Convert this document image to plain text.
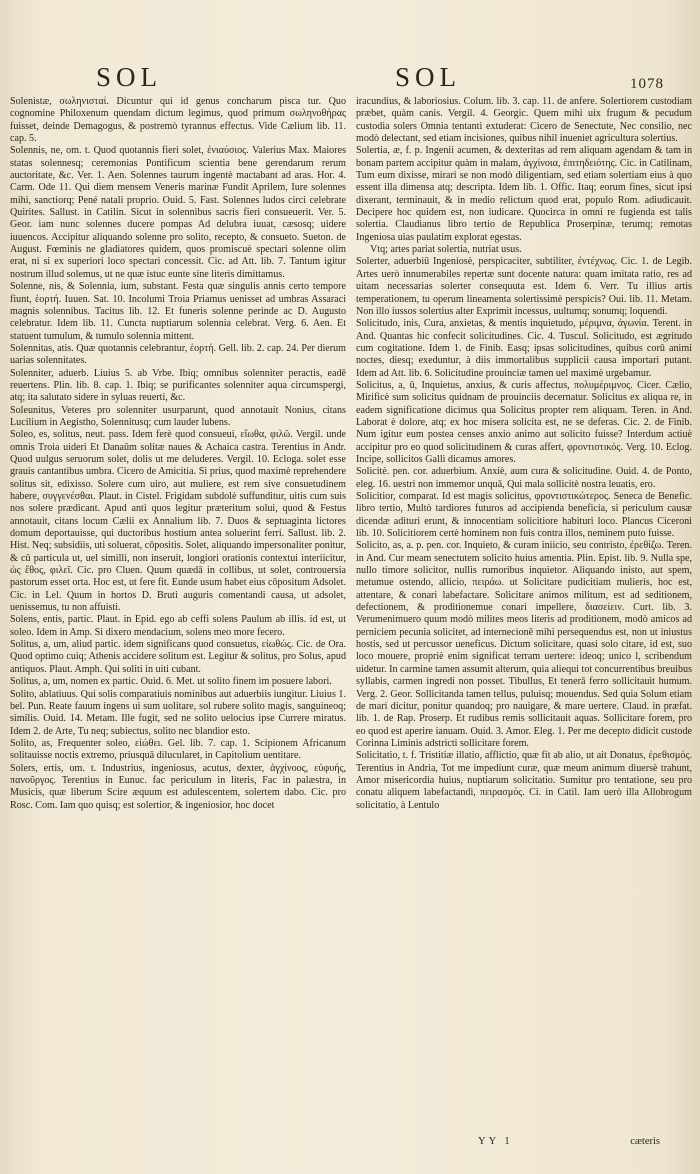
SOL	SOL	1078

Solenistæ, σωληνισταί. Dicuntur qui id genus concharum pisca tur. Quo cognomine Philoxenum quendam dictum legimus, quod primum σωληνοθήρας fuisset, deinde Demagogus, & postremò tyrannus effectus. Vide Cælium lib. 11. cap. 5.

Solennis, ne, om. t. Quod quotannis fieri solet, ἐνιαύσιος. Valerius Max. Maiores statas solennesq; ceremonias Pontificum scientia bene gerendarum rerum auctoritate, &c. Ver. 1. Aen. Solennes taurum ingentè mactabant ad aras. Hor. 4. Carm. Ode 11. Qui diem mensem Veneris marinæ Fundit Aprilem, Iure solennes mihi, sanctiorq; Pené natali proprio. Ouid. 5. Fast. Solennes ludos circi celebrate Quirites. Sallust. in Catilin. Sicut in solennibus sacris fieri consueuerit. Ver. 5. Geor. iam nunc solennes ducere pompas Ad delubra iuuat, cæsosq; uidere iuuencos. Accipitur aliquando solenne pro solito, recepto, & consueto. Sueton. de August. Fœminis ne gladiatores quidem, quos promiscuè spectari solenne olim erat, ni si ex superiori loco spectari concessit. Cic. ad Att. lib. 7. Tantum igitur nostrum illud solemus, ut ne quæ istuc eunte sine literis dimittamus.

Solenne, nis, & Solennia, ium, substant. Festa quæ singulis annis certo tempore fiunt, ἑορτή. Iuuen. Sat. 10. Incolumi Troia Priamus uenisset ad umbras Assaraci magnis solennibus. Tacitus lib. 12. Et funeris solenne perinde ac D. Augusto celebratur. Idem lib. 11. Cuncta nuptiarum solennia celebrat. Verg. 6. Aen. Et statuent tumulum, & tumulo solennia mittent.

Solennitas, atis. Quæ quotannis celebrantur, ἑορτή. Gell. lib. 2. cap. 24. Per dierum uarias solennitates.

Solenniter, aduerb. Liuius 5. ab Vrbe. Ibiq; omnibus solenniter peractis, eadē reuertens. Plin. lib. 8. cap. 1. Ibiq; se purificantes solenniter aqua circumspergi, atq; ita salutato sidere in syluas reuerti, &c.

Soleunitus, Veteres pro solenniter usurparunt, quod annotauit Nonius, citans Lucilium in Aegistho, Solennitusq; cum lauder lubens.

Soleo, es, solitus, neut. pass. Idem ferè quod consueui, εἴωθα, φιλῶ. Vergil. unde omnis Troia uideri Et Danaûm solitæ naues & Achaica castra. Terentius in Andr. Quod uulgus seruorum solet, dolis ut me deluderes. Vergil. 10. Ecloga. solet esse grauis cantantibus umbra. Cicero de Amicitia. Si prius, quod maximè reprehendere solitus sit, edixisso. Solere cum uiro, aut muliere, est rem sive consuetudinem habere, συγγενέσθαι. Plaut. in Cistel. Frigidam subdolè suffunditur, uitis cum suis nos solere prædicant. Apud anti quos legitur præteritum solui, quod & Festus annotauit, citans locum Cælii ex Annalium lib. 7. Duos & septuaginta lictores domum deportauisse, qui ductoribus hostium antea soluerint ferri. Sallust. lib. 2. Hist. Neq; subsidiis, uti soluerat, cōpositis. Solet, aliquando impersonaliter ponitur, & cū particula ut, uel similli, non inseruit, longiori orationis contextui interiicitur, ὡς ἔθος, φιλεῖ. Cic. pro Cluen. Quum quædā in collibus, ut solet, controuersia pastorum esset orta. Hoc est, ut fere fit. Eunde usum habet eius cōpositum Adsolet. Cic. in Lel. Quum in hortos D. Bruti auguris comentandi causa, ut adsolet, uenissemus, tu non affuisti.

Solens, entis, partic. Plaut. in Epid. ego ab ceffi solens Paulum ab illis. id est, ut soleo. Idem in Amp. Si dixero mendacium, solens meo more fecero.

Solitus, a, um, aliud partic. idem significans quod consuetus, εἰωθώς. Cic. de Ora. Quod optimo cuiq; Athenis accidere solitum est. Legitur & solitus, pro Solus, apud antiquos. Plaut. Amph. Qui soliti in uiti cubant.

Solitus, a, um, nomen ex partic. Ouid. 6. Met. ut solito finem im posuere labori.

Solito, ablatiuus. Qui solis comparatiuis nominibus aut aduerbiis iungitur. Liuius 1. bel. Pun. Reate fauum ingens ui sum uolitare, sol rubere solito magis, sanguineoq; similis. Ouid. 14. Metam. Ille fugit, sed ne solito uelocius ipse Currere miratus. Idem 2. de Arte, Tu neq; subiectus, solito nec blandior esto.

Solito, as, Frequenter soleo, εἰώθει. Gel. lib. 7. cap. 1. Scipionem Africanum solitauisse noctis extremo, priusquā dilucularet, in Capitolium uentitare.

Solers, ertis, om. t. Industrius, ingeniosus, acutus, dexter, ἀγχίνοος, εὐφυής, πανοῦργος. Terentius in Eunuc. fac periculum in literis, Fac in palæstra, in Musicis, quæ liberum Scire æquum est adulescentem, solertem dabo. Cic. pro Rosc. Com. Iam quo quisq; est solertior, & ingeniosior, hoc docet

iracundius, & laboriosius. Colum. lib. 3. cap. 11. de anfere. Solertiorem custodiam præbet, quàm canis. Vergil. 4. Georgic. Quem mihi uix frugum & pecudum custodia solers Omnia tentanti extuderat: Cicero de Senectute, Nec consilio, nec modò delectant, sed etiam incisiones, quibus nihil inueniet agricultura solertius.

Solertia, æ, f. p. Ingenii acumen, & dexteritas ad rem aliquam agendam & tam in bonam partem accipitur quàm in malam, ἀγχίνοια, ἐπιτηδειότης. Cic. in Catilinam, Tum eum dixisse, mirari se non modò diligentiam, sed etiam solertiam eius à quo essent illa dimensa atq; descripta. Idem lib. 1. Offic. Itaq; eorum fines, sicut ipsi dixerant, terminauit, & in medio relictum quod erat, populo Rom. adiudicauit. Decipere hoc quidem est, non iudicare. Quocirca in omni re fugienda est talis solertia. Claudianus libro tertio de Republica Proserpinæ, terumq; remotas Ingeniosa uias paulatim explorat egestas.

Vtq; artes pariat solertia, nutriat usus.

Solerter, aduerbiū Ingeniosè, perspicaciter, subtiliter, ἐντέχνως. Cic. 1. de Legib. Artes uerò innumerabiles repertæ sunt docente natura: quam imitata ratio, res ad uitam necessarias solerter consequuta est. Idem 6. Verr. Tu illius artis temperationem, tu operum lineamenta solertissimè perspicis? Oui. lib. 11. Metam. Non illo iussos solertius alter Exprimit incessus, uultumq; sonumq; loquendi.

Solicitudo, inis, Cura, anxietas, & mentis inquietudo, μέριμνα, ἀγωνία. Terent. in And. Quantas hic confecit solicitudines. Cic. 4. Tuscul. Solicitudo, est ægritudo cum cogitatione. Idem 1. de Finib. Easq; ipsas solicitudines, quibus corū animi noctes, diesq; exeduntur, à diis immortalibus supplicii causa importari putant. Idem ad Att. lib. 6. Solicitudine prouinciæ tamen uel maximè urgebamur.

Solicitus, a, ū, Inquietus, anxius, & curis affectus, πολυμέριμνος. Cicer. Cælio, Mirificè sum solicitus quidnam de prouinciis decernatur. Solicitus ex aliqua re, in eadem significatione dicimus qua Solicitus propter rem aliquam. Teren. in And. Laborat è dolore, atq; ex hoc misera solicita est, ne se deferas. Cic. 2. de Finib. Num igitur eum postea censes anxio animo aut solicito fuisse? Interdum actiuè accipitur pro eo quod solicitudinem & curas affert, φροντιστικός. Verg. 10. Eclog. Incipe, sollicitos Galli dicamus amores.

Solicitè. pen. cor. aduerbium. Anxiè, aum cura & solicitudine. Ouid. 4. de Ponto, eleg. 16. uestri non immemor unquā, Qui mala sollicitè nostra leuatis, ero.

Solicitior, comparat. Id est magis solicitus, φροντιστικώτερος. Seneca de Benefic. libro tertio, Multò tardiores futuros ad accipienda beneficia, si periculum causæ dicendæ adituri erunt, & innocentiam solicitiore habituri loco. Plancus Ciceroni lib. 10. Solicitiorem certè hominem non fuis contra illos, neminem puto fuisse.

Solicito, as, a. p. pen. cor. Inquieto, & curam iniicio, seu contristo, ἐρεθίζω. Teren. in And. Cur meam senectutem solicito huius amentia. Plin. Epist. lib. 9. Nulla spe, nullo timore solicitor, nullis rumoribus inquietor. Aliquando inisto, aut spem, metumue ostendo, allicio, πειράω. ut Solicitare pudicitiam mulieris, hoc est, attentare, & conari labefactare. Solicitare animos militum, est ad seditionem, defectionem, & proditionemue conari impellere, διασείειν. Curt. lib. 3. Verumenimuero quum modò milites meos literis ad proditionem, modò amicos ad perniciem pecunia solicitet, ad internecionē mihi persequendus est, non ut iniustus hostis, sed ut percussor ueneficus. Dictum solicitare, quasi solo citare, id est, suo loco mouere, propriè enim significat terram uertere: ideoq; unico l, scribendum uidetur. In carmine tamen assumit alterum, quia aliequi tot concurrentibus breuibus syllabis, carmen ingredi non posset. Tibullus, Et tenerā ferro sollicitauit humum. Verg. 2. Geor. Sollicitanda tamen tellus, puluisq; mouendus. Sed quia Solum etiam de mari dicitur, ponitur quandoq; pro nauigare, & mare uertere. Claud. in præfat. lib. 1. de Rap. Proserp. Et rudibus remis sollicitauit aquas. Sollicitare forem, pro eo quod est aperire ianuam. Ouid. 3. Amor. Eleg. 1. Per me decepto didicit custode Corinna Liminis adstricti sollicitare forem.

Solicitatio, t. f. Tristitiæ illatio, afflictio, quæ fit ab alio, ut ait Donatus, ἐρεθισμός. Terentius in Andria, Tot me impediunt curæ, quæ meum animum diuersè trahunt, Amor misericordia huius, nuptiarum solicitatio. Sumitur pro tentatione, seu pro conatu aliquem labefactandi, πειρασμός. Ci. in Catil. Iam uerò illa Allobrogum solicitatio, à Lentulo

YY 1	cæteris
